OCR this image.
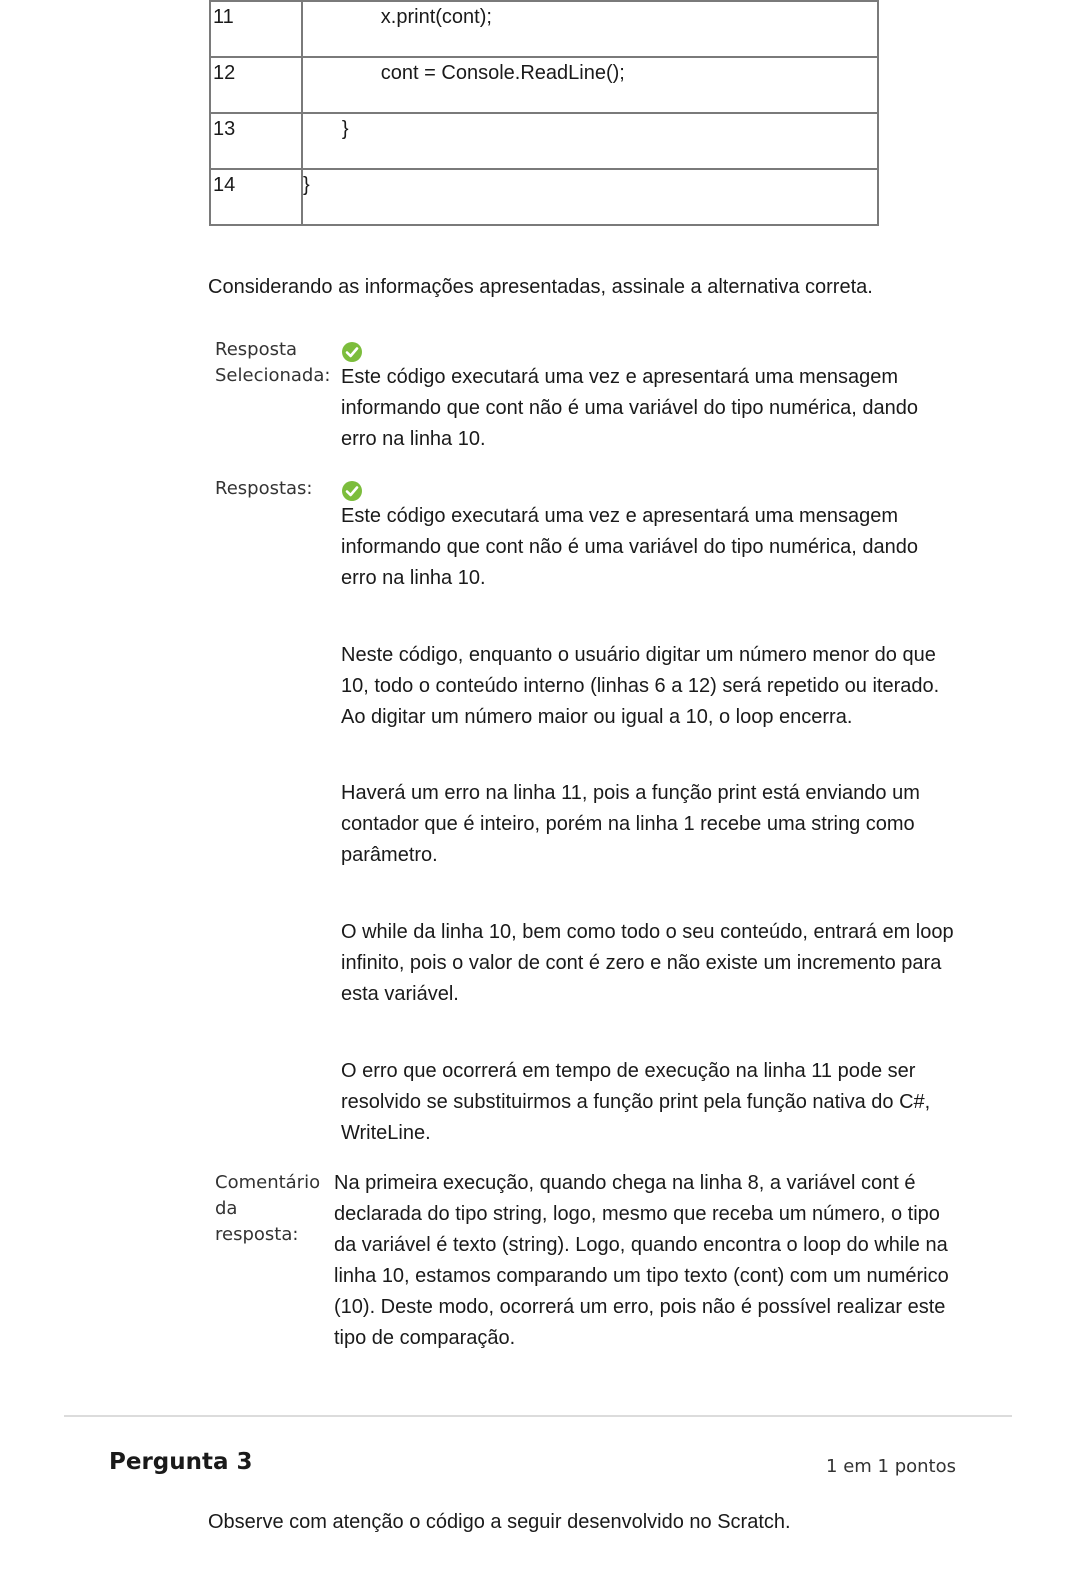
11	x.print(cont);
12	cont = Console.ReadLine();
13	}
14	}

Considerando as informações apresentadas, assinale a alternativa correta.

Resposta
Selecionada: Este código executará uma vez e apresentará uma mensagem informando que cont não é uma variável do tipo numérica, dando erro na linha 10.

Respostas:

Este código executará uma vez e apresentará uma mensagem informando que cont não é uma variável do tipo numérica, dando erro na linha 10.

Neste código, enquanto o usuário digitar um número menor do que 10, todo o conteúdo interno (linhas 6 a 12) será repetido ou iterado. Ao digitar um número maior ou igual a 10, o loop encerra.

Haverá um erro na linha 11, pois a função print está enviando um contador que é inteiro, porém na linha 1 recebe uma string como parâmetro.

O while da linha 10, bem como todo o seu conteúdo, entrará em loop infinito, pois o valor de cont é zero e não existe um incremento para esta variável.

O erro que ocorrerá em tempo de execução na linha 11 pode ser resolvido se substituirmos a função print pela função nativa do C#, WriteLine.

Comentário
da
resposta:

Na primeira execução, quando chega na linha 8, a variável cont é declarada do tipo string, logo, mesmo que receba um número, o tipo da variável é texto (string). Logo, quando encontra o loop do while na linha 10, estamos comparando um tipo texto (cont) com um numérico (10). Deste modo, ocorrerá um erro, pois não é possível realizar este tipo de comparação.

Pergunta 3	1 em 1 pontos

Observe com atenção o código a seguir desenvolvido no Scratch.
